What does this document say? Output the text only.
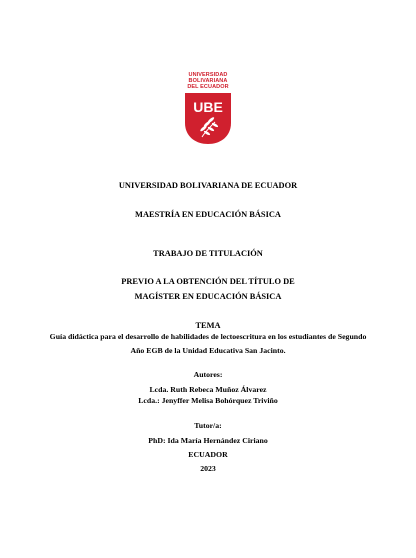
UNIVERSIDAD
BOLIVARIANA
DEL ECUADOR
UBE
UNIVERSIDAD BOLIVARIANA DE ECUADOR
MAESTRÍA EN EDUCACIÓN BÁSICA
TRABAJO DE TITULACIÓN
PREVIO A LA OBTENCIÓN DEL TÍTULO DE
MAGÍSTER EN EDUCACIÓN BÁSICA
TEMA
Guía didáctica para el desarrollo de habilidades de lectoescritura en los estudiantes de Segundo
Año EGB de la Unidad Educativa San Jacinto.
Autores:
Lcda. Ruth Rebeca Muñoz Álvarez
Lcda.: Jenyffer Melisa Bohórquez Triviño
Tutor/a:
PhD: Ida María Hernández Ciriano
ECUADOR
2023
